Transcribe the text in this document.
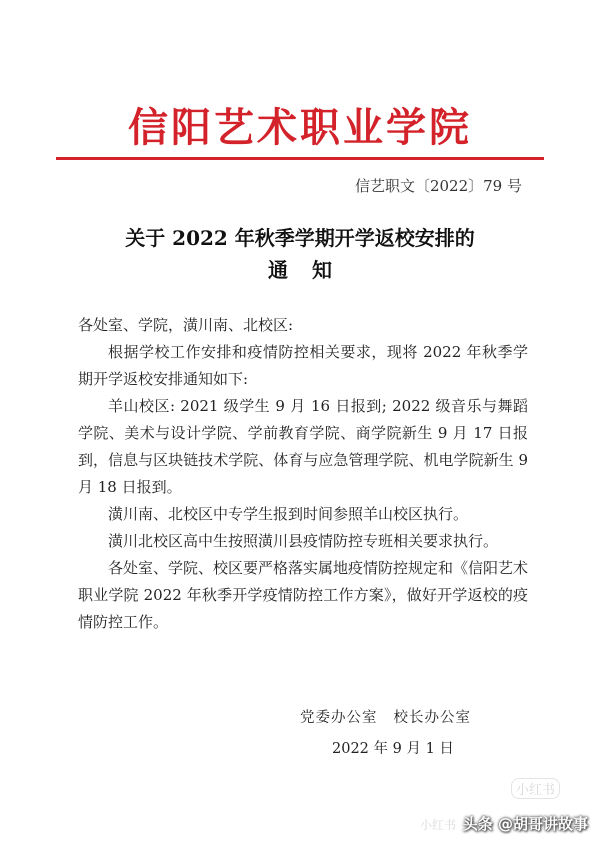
信阳艺术职业学院
信艺职文〔2022〕79 号
关于 2022 年秋季学期开学返校安排的
通知

各处室、学院，潢川南、北校区:

根据学校工作安排和疫情防控相关要求，现将 2022 年秋季学期开学返校安排通知如下:

羊山校区: 2021 级学生 9 月 16 日报到; 2022 级音乐与舞蹈学院、美术与设计学院、学前教育学院、商学院新生 9 月 17 日报到，信息与区块链技术学院、体育与应急管理学院、机电学院新生 9 月 18 日报到。

潢川南、北校区中专学生报到时间参照羊山校区执行。

潢川北校区高中生按照潢川县疫情防控专班相关要求执行。

各处室、学院、校区要严格落实属地疫情防控规定和《信阳艺术职业学院 2022 年秋季开学疫情防控工作方案》，做好开学返校的疫情防控工作。

党委办公室 校长办公室
2022 年 9 月 1 日
小红书
小红书 头条 @胡哥讲故事
